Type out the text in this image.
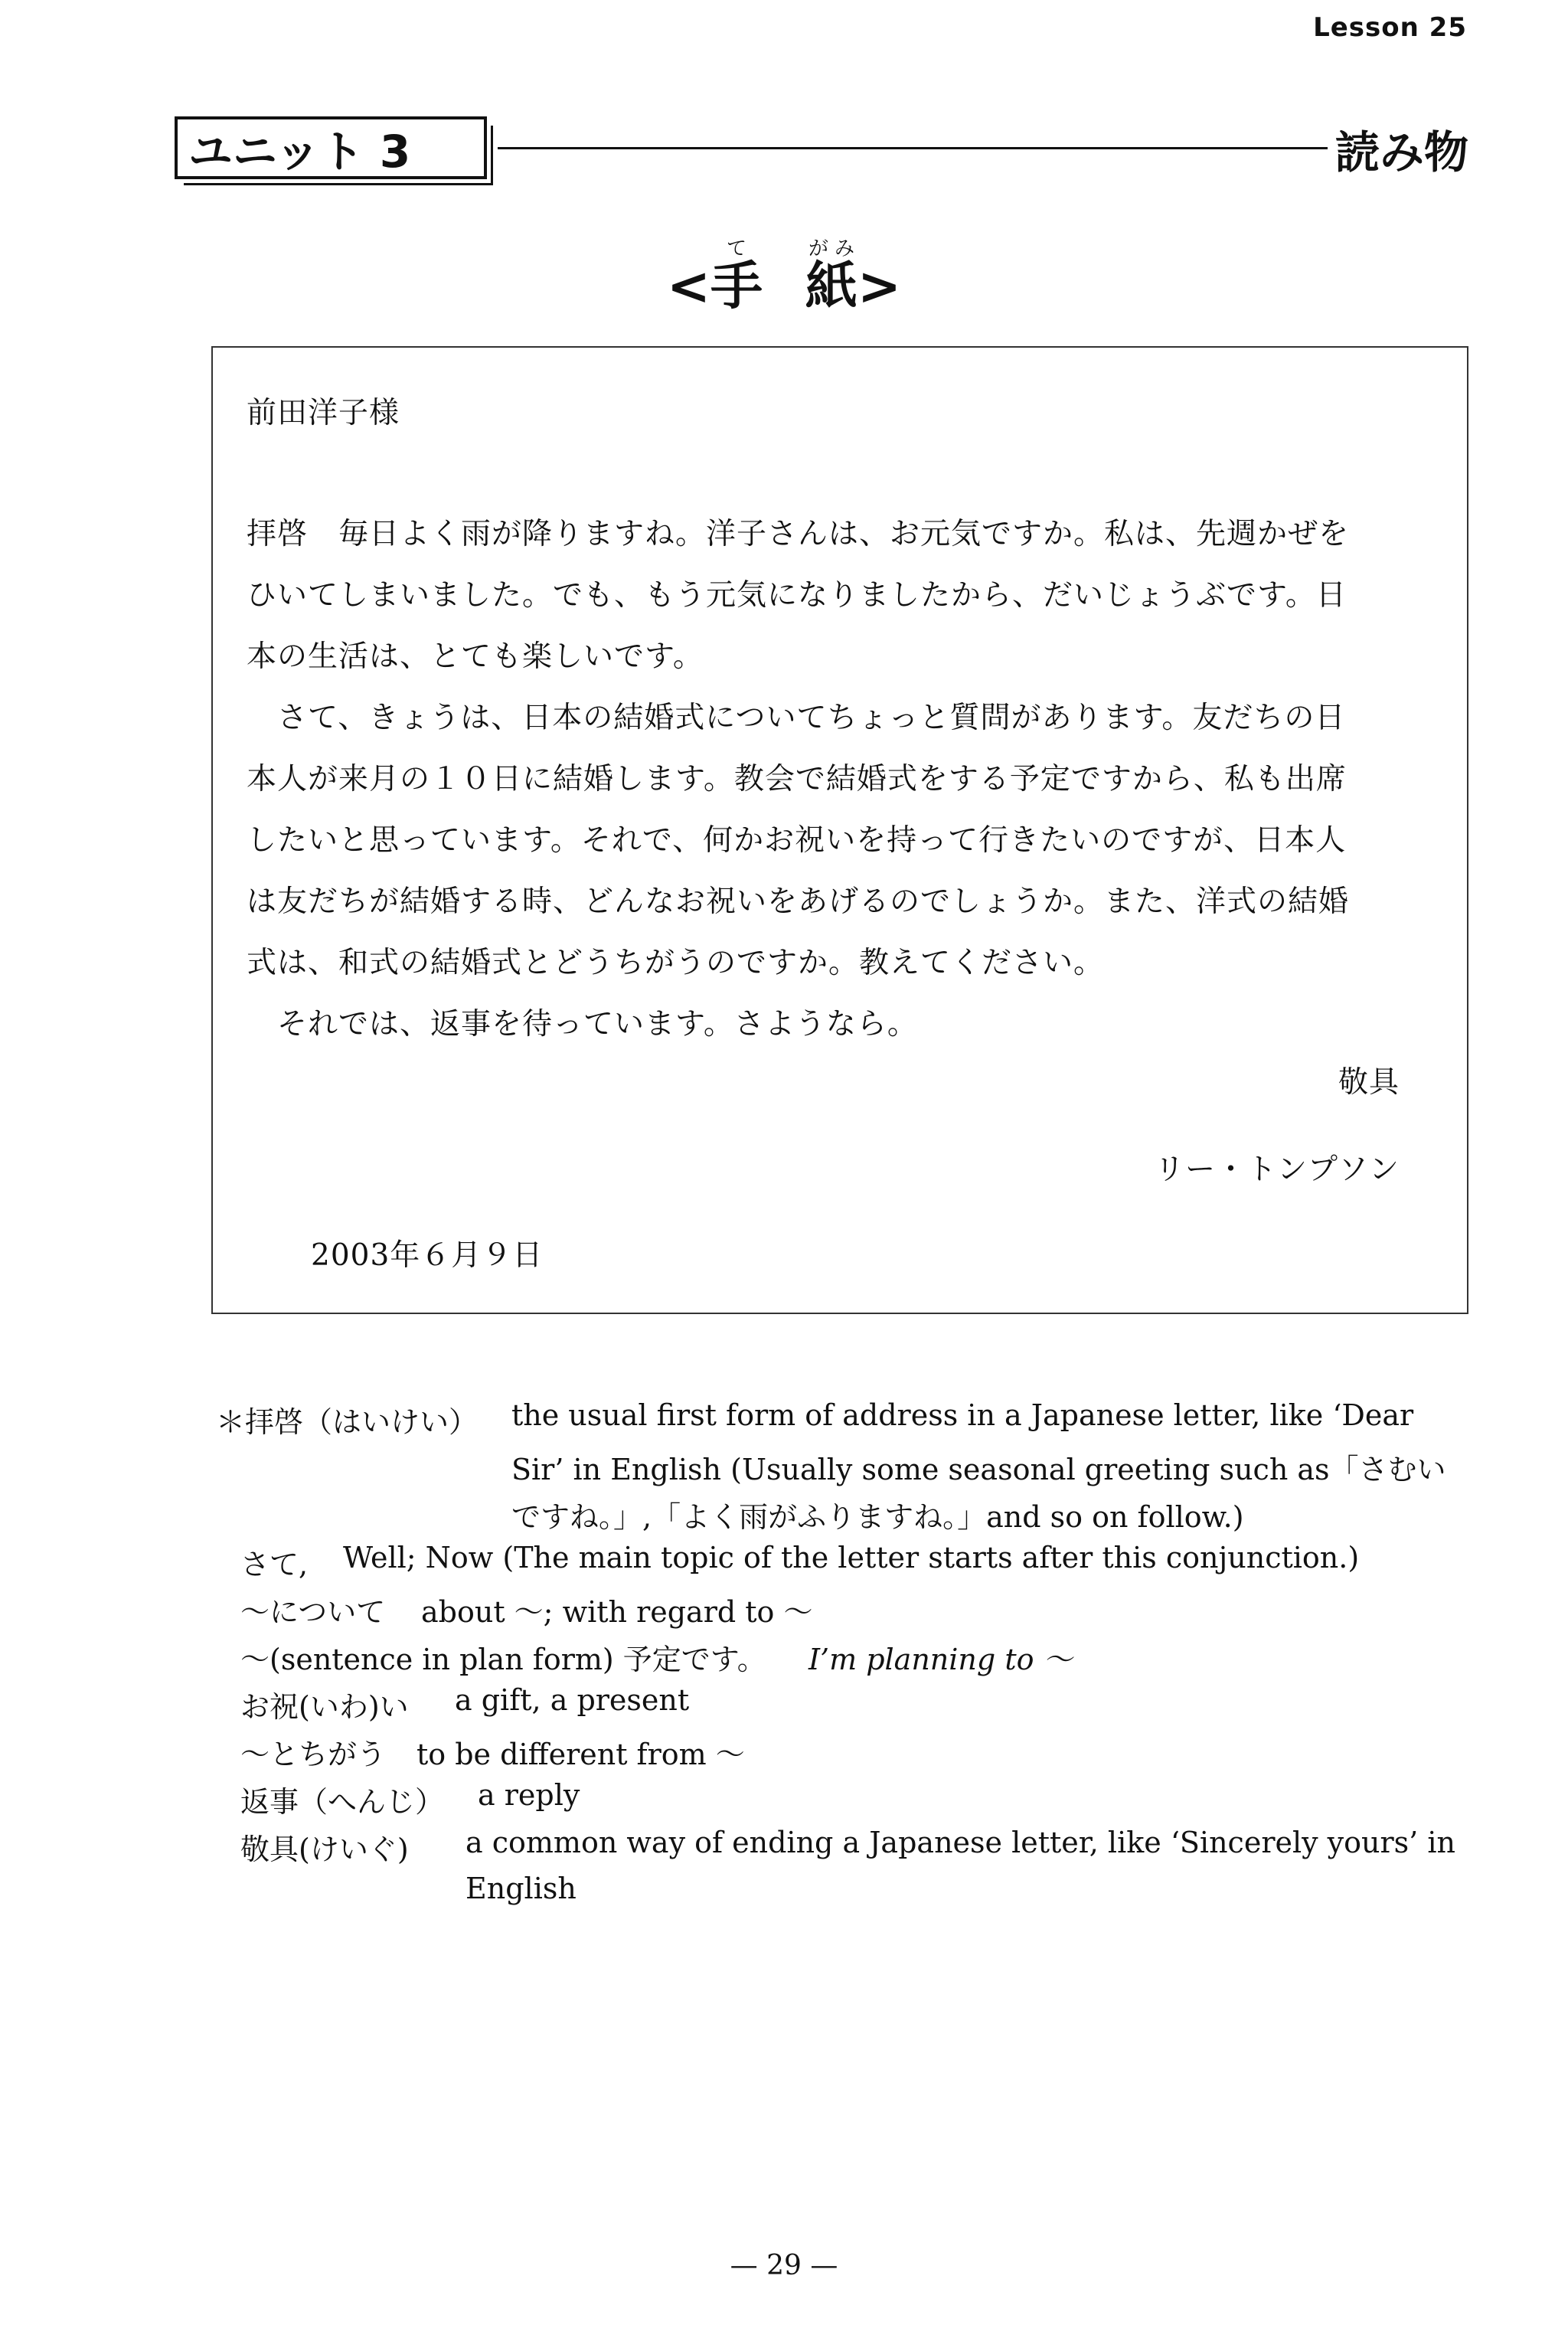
Lesson 25
ユニット 3	読み物
<手て紙がみ>
前田洋子様
拝啓　毎日よく雨が降りますね。洋子さんは、お元気ですか。私は、先週かぜを
ひいてしまいました。でも、もう元気になりましたから、だいじょうぶです。日
本の生活は、とても楽しいです。
　さて、きょうは、日本の結婚式についてちょっと質問があります。友だちの日
本人が来月の１０日に結婚します。教会で結婚式をする予定ですから、私も出席
したいと思っています。それで、何かお祝いを持って行きたいのですが、日本人
は友だちが結婚する時、どんなお祝いをあげるのでしょうか。また、洋式の結婚
式は、和式の結婚式とどうちがうのですか。教えてください。
　それでは、返事を待っています。さようなら。
敬具
リー・トンプソン
2003年６月９日
＊拝啓（はいけい） the usual first form of address in a Japanese letter, like ‘Dear
Sir’ in English (Usually some seasonal greeting such as「さむい
ですね。」,「よく雨がふりますね。」and so on follow.)
さて, Well; Now (The main topic of the letter starts after this conjunction.)
〜について about 〜; with regard to 〜
〜(sentence in plan form) 予定です。 I’m planning to 〜
お祝(いわ)い a gift, a present
〜とちがう to be different from 〜
返事（へんじ） a reply
敬具(けいぐ) a common way of ending a Japanese letter, like ‘Sincerely yours’ in
English
— 29 —
